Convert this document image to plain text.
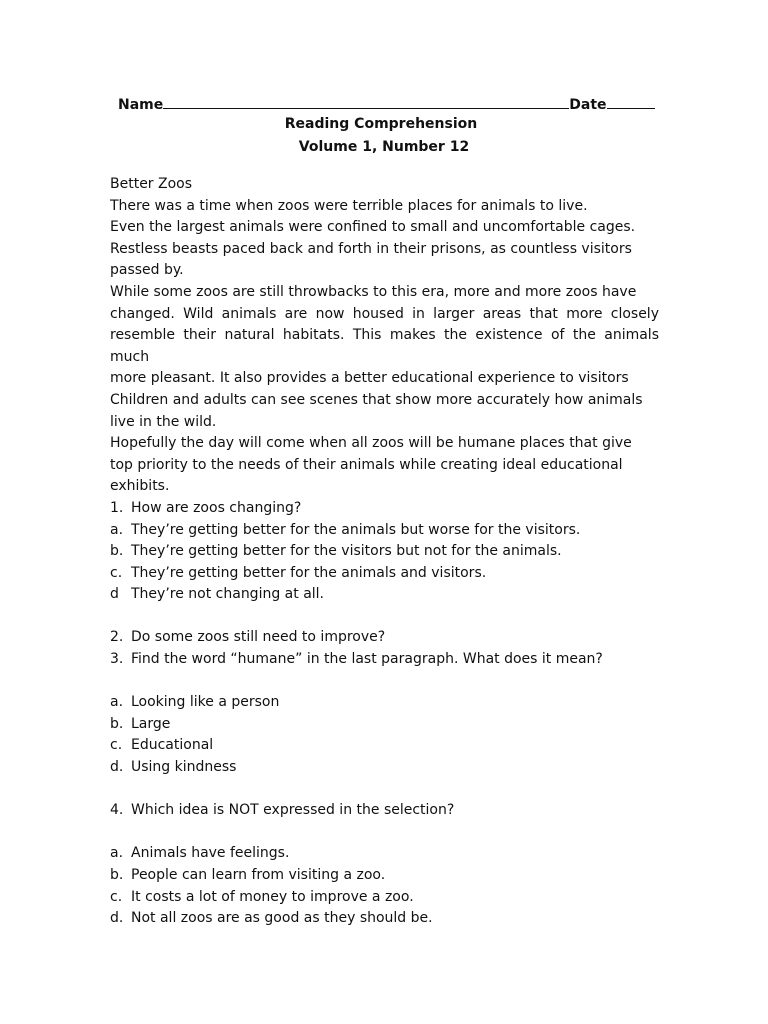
Name	Date
Reading Comprehension
Volume 1, Number 12
Better Zoos
There was a time when zoos were terrible places for animals to live.
Even the largest animals were confined to small and uncomfortable cages.
Restless beasts paced back and forth in their prisons, as countless visitors
passed by.
While some zoos are still throwbacks to this era, more and more zoos have
changed. Wild animals are now housed in larger areas that more closely
resemble their natural habitats. This makes the existence of the animals
much
more pleasant. It also provides a better educational experience to visitors
Children and adults can see scenes that show more accurately how animals
live in the wild.
Hopefully the day will come when all zoos will be humane places that give
top priority to the needs of their animals while creating ideal educational
exhibits.
1. How are zoos changing?
a. They’re getting better for the animals but worse for the visitors.
b. They’re getting better for the visitors but not for the animals.
c. They’re getting better for the animals and visitors.
d They’re not changing at all.
2. Do some zoos still need to improve?
3. Find the word “humane” in the last paragraph. What does it mean?
a. Looking like a person
b. Large
c. Educational
d. Using kindness
4. Which idea is NOT expressed in the selection?
a. Animals have feelings.
b. People can learn from visiting a zoo.
c. It costs a lot of money to improve a zoo.
d. Not all zoos are as good as they should be.
